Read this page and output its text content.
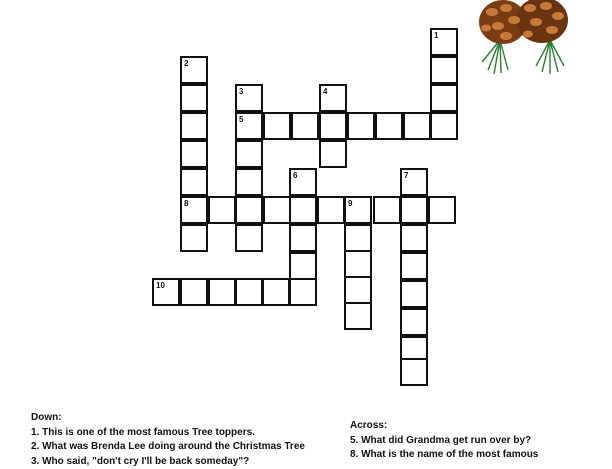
1
2
8
3
5
4
6	7
9
10
Down:
1. This is one of the most famous Tree toppers.
2. What was Brenda Lee doing around the Christmas Tree
3. Who said, "don't cry I'll be back someday"?
Across:
5. What did Grandma get run over by?
8. What is the name of the most famous
